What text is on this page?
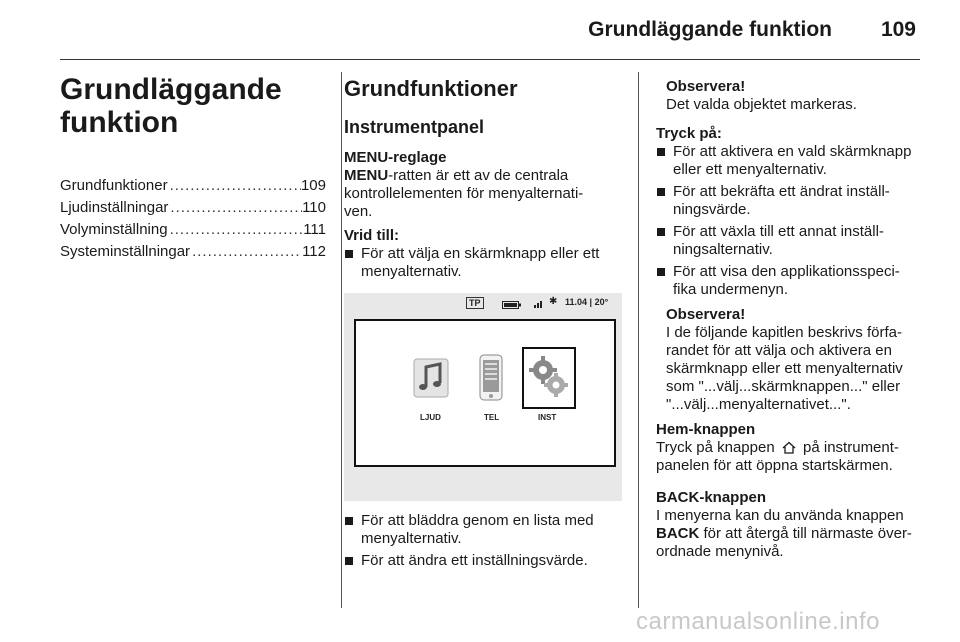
Grundläggande funktion 109
Grundläggande
funktion
Grundfunktioner .....	109
Ljudinställningar .....	110
Volyminställning .....	111
Systeminställningar .....	112
Grundfunktioner
Instrumentpanel
MENU-reglage
MENU-ratten är ett av de centrala
kontrollelementen för menyalternati-
ven.
Vrid till:
För att välja en skärmknapp eller ett menyalternativ.
TP	✱ 11.04 | 20°
LJUD	TEL	INST
För att bläddra genom en lista med menyalternativ.
För att ändra ett inställningsvärde.
Observera!
Det valda objektet markeras.
Tryck på:
För att aktivera en vald skärmknapp eller ett menyalternativ.
För att bekräfta ett ändrat inställ-ningsvärde.
För att växla till ett annat inställ-ningsalternativ.
För att visa den applikationsspeci-fika undermenyn.
Observera!
I de följande kapitlen beskrivs förfa-randet för att välja och aktivera en skärmknapp eller ett menyalternativ som "...välj...skärmknappen..." eller "...välj...menyalternativet...".
Hem-knappen
Tryck på knappen på instrument-
panelen för att öppna startskärmen.
BACK-knappen
I menyerna kan du använda knappen
BACK för att återgå till närmaste över-
ordnade menynivå.
carmanualsonline.info
